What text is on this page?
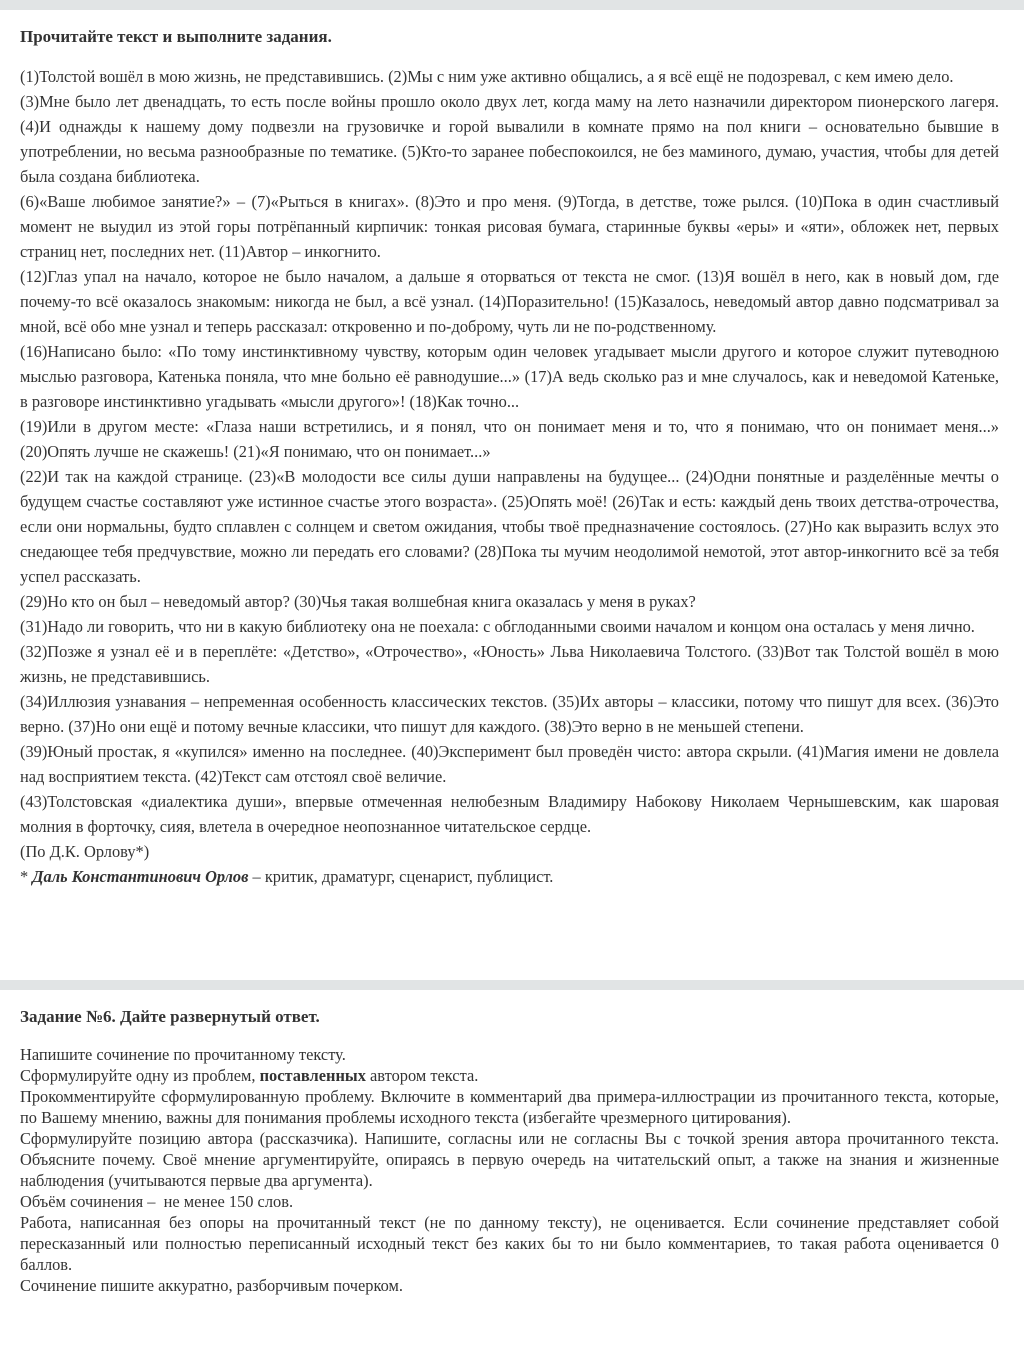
Прочитайте текст и выполните задания.

(1)Толстой вошёл в мою жизнь, не представившись. (2)Мы с ним уже активно общались, а я всё ещё не подозревал, с кем имею дело.

(3)Мне было лет двенадцать, то есть после войны прошло около двух лет, когда маму на лето назначили директором пионерского лагеря. (4)И однажды к нашему дому подвезли на грузовичке и горой вывалили в комнате прямо на пол книги – основательно бывшие в употреблении, но весьма разнообразные по тематике. (5)Кто-то заранее побеспокоился, не без маминого, думаю, участия, чтобы для детей была создана библиотека.

(6)«Ваше любимое занятие?» – (7)«Рыться в книгах». (8)Это и про меня. (9)Тогда, в детстве, тоже рылся. (10)Пока в один счастливый момент не выудил из этой горы потрёпанный кирпичик: тонкая рисовая бумага, старинные буквы «еры» и «яти», обложек нет, первых страниц нет, последних нет. (11)Автор – инкогнито.

(12)Глаз упал на начало, которое не было началом, а дальше я оторваться от текста не смог. (13)Я вошёл в него, как в новый дом, где почему-то всё оказалось знакомым: никогда не был, а всё узнал. (14)Поразительно! (15)Казалось, неведомый автор давно подсматривал за мной, всё обо мне узнал и теперь рассказал: откровенно и по-доброму, чуть ли не по-родственному.

(16)Написано было: «По тому инстинктивному чувству, которым один человек угадывает мысли другого и которое служит путеводною мыслью разговора, Катенька поняла, что мне больно её равнодушие...» (17)А ведь сколько раз и мне случалось, как и неведомой Катеньке, в разговоре инстинктивно угадывать «мысли другого»! (18)Как точно...

(19)Или в другом месте: «Глаза наши встретились, и я понял, что он понимает меня и то, что я понимаю, что он понимает меня...» (20)Опять лучше не скажешь! (21)«Я понимаю, что он понимает...»

(22)И так на каждой странице. (23)«В молодости все силы души направлены на будущее... (24)Одни понятные и разделённые мечты о будущем счастье составляют уже истинное счастье этого возраста». (25)Опять моё! (26)Так и есть: каждый день твоих детства-отрочества, если они нормальны, будто сплавлен с солнцем и светом ожидания, чтобы твоё предназначение состоялось. (27)Но как выразить вслух это снедающее тебя предчувствие, можно ли передать его словами? (28)Пока ты мучим неодолимой немотой, этот автор-инкогнито всё за тебя успел рассказать.

(29)Но кто он был – неведомый автор? (30)Чья такая волшебная книга оказалась у меня в руках?

(31)Надо ли говорить, что ни в какую библиотеку она не поехала: с обглоданными своими началом и концом она осталась у меня лично.

(32)Позже я узнал её и в переплёте: «Детство», «Отрочество», «Юность» Льва Николаевича Толстого. (33)Вот так Толстой вошёл в мою жизнь, не представившись.

(34)Иллюзия узнавания – непременная особенность классических текстов. (35)Их авторы – классики, потому что пишут для всех. (36)Это верно. (37)Но они ещё и потому вечные классики, что пишут для каждого. (38)Это верно в не меньшей степени.

(39)Юный простак, я «купился» именно на последнее. (40)Эксперимент был проведён чисто: автора скрыли. (41)Магия имени не довлела над восприятием текста. (42)Текст сам отстоял своё величие.

(43)Толстовская «диалектика души», впервые отмеченная нелюбезным Владимиру Набокову Николаем Чернышевским, как шаровая молния в форточку, сияя, влетела в очередное неопознанное читательское сердце.

(По Д.К. Орлову*)

* Даль Константинович Орлов – критик, драматург, сценарист, публицист.

Задание №6. Дайте развернутый ответ.

Напишите сочинение по прочитанному тексту.

Сформулируйте одну из проблем, поставленных автором текста.

Прокомментируйте сформулированную проблему. Включите в комментарий два примера-иллюстрации из прочитанного текста, которые, по Вашему мнению, важны для понимания проблемы исходного текста (избегайте чрезмерного цитирования).

Сформулируйте позицию автора (рассказчика). Напишите, согласны или не согласны Вы с точкой зрения автора прочитанного текста. Объясните почему. Своё мнение аргументируйте, опираясь в первую очередь на читательский опыт, а также на знания и жизненные наблюдения (учитываются первые два аргумента).

Объём сочинения –  не менее 150 слов.

Работа, написанная без опоры на прочитанный текст (не по данному тексту), не оценивается. Если сочинение представляет собой пересказанный или полностью переписанный исходный текст без каких бы то ни было комментариев, то такая работа оценивается 0 баллов.

Сочинение пишите аккуратно, разборчивым почерком.
